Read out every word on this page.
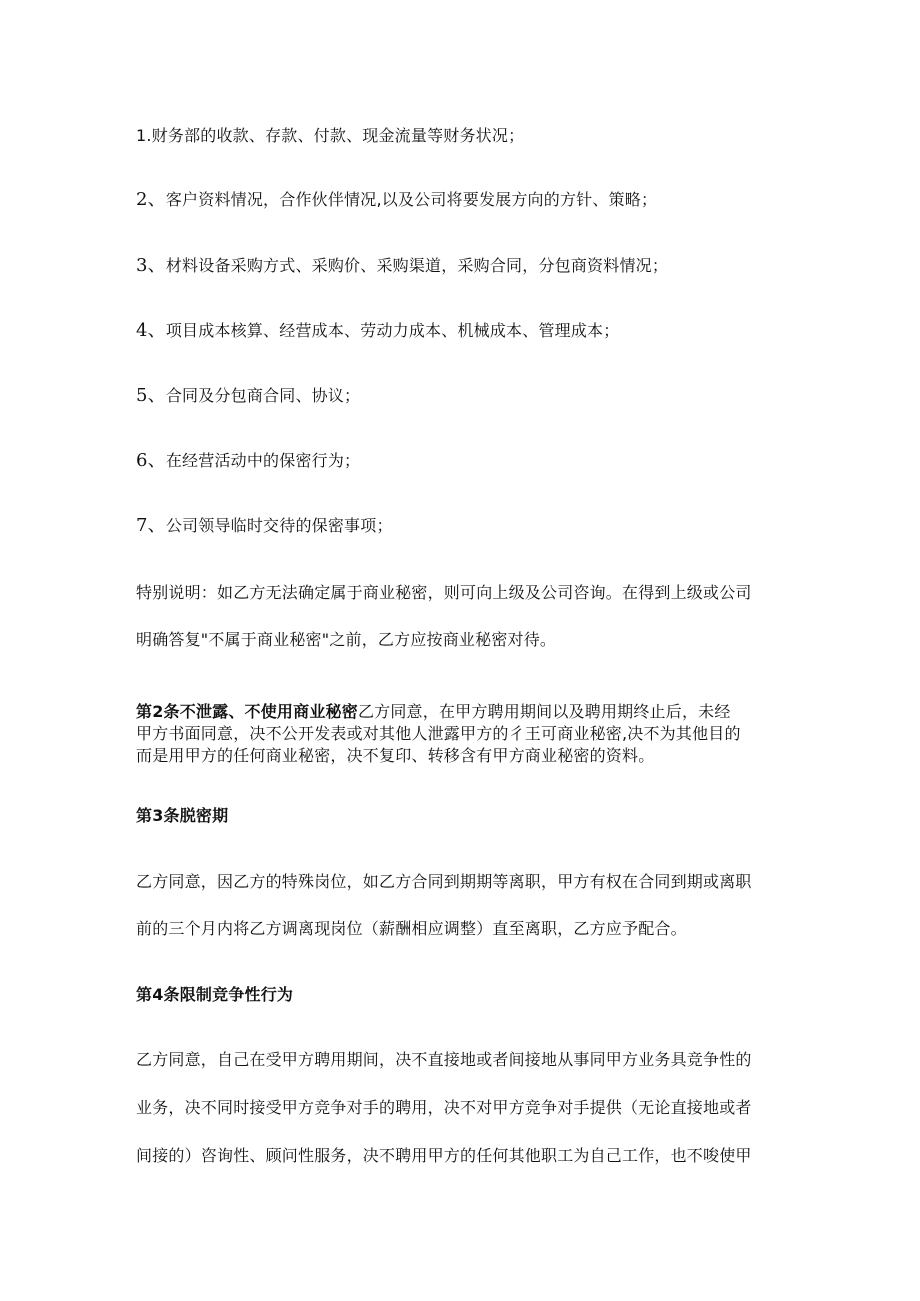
1.财务部的收款、存款、付款、现金流量等财务状况；
2、客户资料情况，合作伙伴情况,以及公司将要发展方向的方针、策略；
3、材料设备采购方式、采购价、采购渠道，采购合同，分包商资料情况；
4、项目成本核算、经营成本、劳动力成本、机械成本、管理成本；
5、合同及分包商合同、协议；
6、在经营活动中的保密行为；
7、公司领导临时交待的保密事项；
特别说明：如乙方无法确定属于商业秘密，则可向上级及公司咨询。在得到上级或公司
明确答复"不属于商业秘密"之前，乙方应按商业秘密对待。
第2条不泄露、不使用商业秘密乙方同意，在甲方聘用期间以及聘用期终止后，未经
甲方书面同意，决不公开发表或对其他人泄露甲方的彳王可商业秘密,决不为其他目的
而是用甲方的任何商业秘密，决不复印、转移含有甲方商业秘密的资料。
第3条脱密期
乙方同意，因乙方的特殊岗位，如乙方合同到期期等离职，甲方有权在合同到期或离职
前的三个月内将乙方调离现岗位（薪酬相应调整）直至离职，乙方应予配合。
第4条限制竞争性行为
乙方同意，自己在受甲方聘用期间，决不直接地或者间接地从事同甲方业务具竞争性的
业务，决不同时接受甲方竞争对手的聘用，决不对甲方竞争对手提供（无论直接地或者
间接的）咨询性、顾问性服务，决不聘用甲方的任何其他职工为自己工作，也不唆使甲
